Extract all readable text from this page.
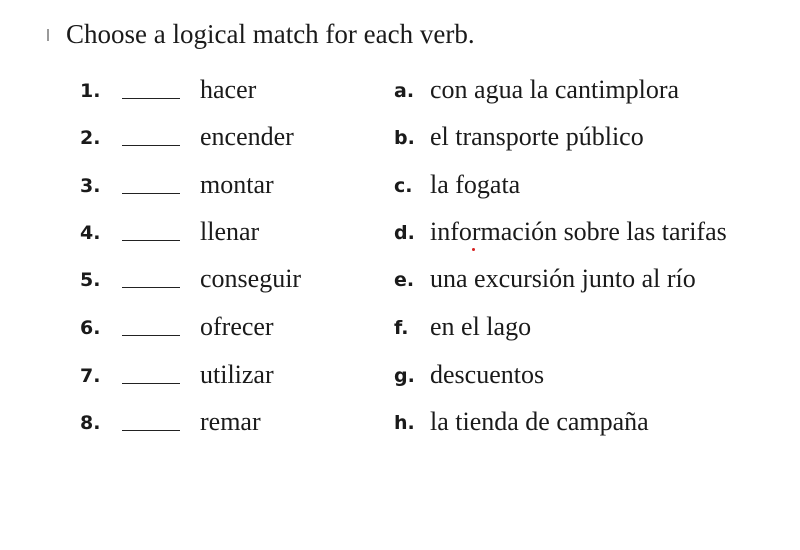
Choose a logical match for each verb.
1.	hacer	a. con agua la cantimplora
2.	encender	b. el transporte público
3.	montar	c. la fogata
4.	llenar	d. información sobre las tarifas
5.	conseguir	e. una excursión junto al río
6.	ofrecer	f. en el lago
7.	utilizar	g. descuentos
8.	remar	h. la tienda de campaña
